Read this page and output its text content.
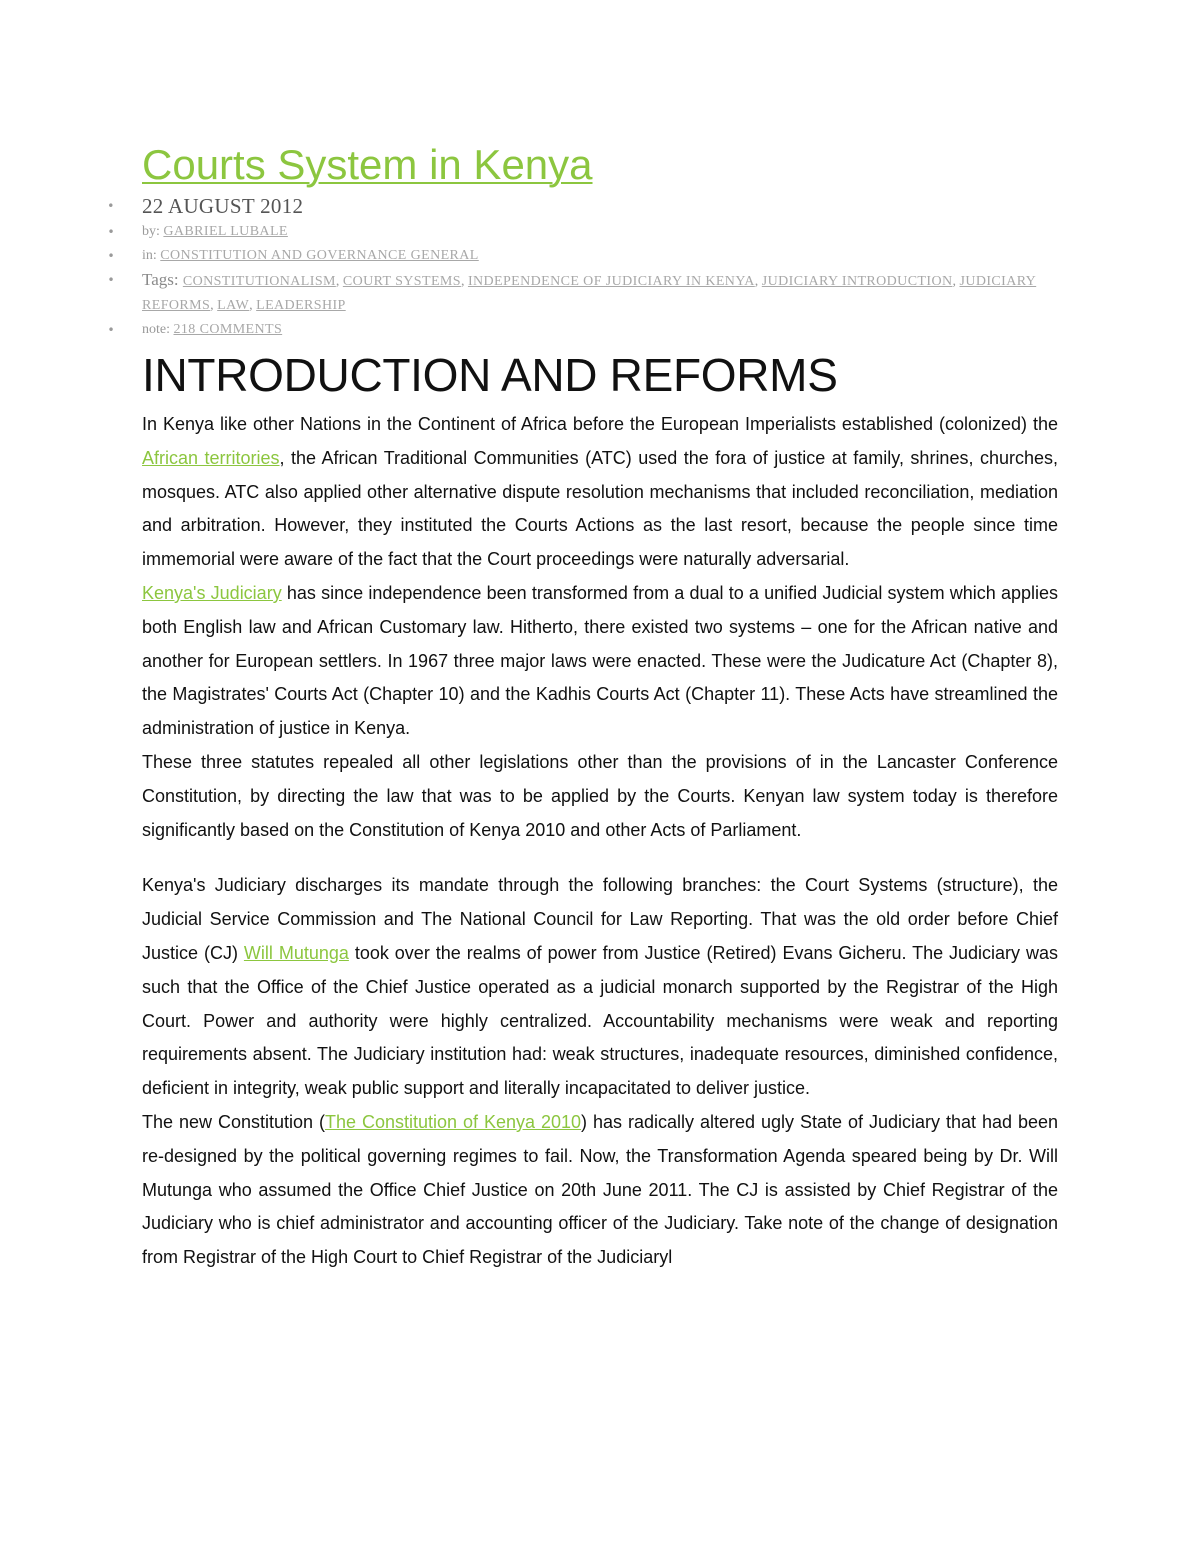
Courts System in Kenya
• 22 AUGUST 2012
• by: GABRIEL LUBALE
• in: CONSTITUTION AND GOVERNANCE GENERAL
• Tags: CONSTITUTIONALISM, COURT SYSTEMS, INDEPENDENCE OF JUDICIARY IN KENYA, JUDICIARY INTRODUCTION, JUDICIARY REFORMS, LAW, LEADERSHIP
• note: 218 COMMENTS
INTRODUCTION AND REFORMS

In Kenya like other Nations in the Continent of Africa before the European Imperialists established (colonized) the African territories, the African Traditional Communities (ATC) used the fora of justice at family, shrines, churches, mosques. ATC also applied other alternative dispute resolution mechanisms that included reconciliation, mediation and arbitration. However, they instituted the Courts Actions as the last resort, because the people since time immemorial were aware of the fact that the Court proceedings were naturally adversarial.

Kenya's Judiciary has since independence been transformed from a dual to a unified Judicial system which applies both English law and African Customary law. Hitherto, there existed two systems – one for the African native and another for European settlers. In 1967 three major laws were enacted. These were the Judicature Act (Chapter 8), the Magistrates' Courts Act (Chapter 10) and the Kadhis Courts Act (Chapter 11). These Acts have streamlined the administration of justice in Kenya.

These three statutes repealed all other legislations other than the provisions of in the Lancaster Conference Constitution, by directing the law that was to be applied by the Courts. Kenyan law system today is therefore significantly based on the Constitution of Kenya 2010 and other Acts of Parliament.

Kenya's Judiciary discharges its mandate through the following branches: the Court Systems (structure), the Judicial Service Commission and The National Council for Law Reporting. That was the old order before Chief Justice (CJ) Will Mutunga took over the realms of power from Justice (Retired) Evans Gicheru. The Judiciary was such that the Office of the Chief Justice operated as a judicial monarch supported by the Registrar of the High Court. Power and authority were highly centralized. Accountability mechanisms were weak and reporting requirements absent. The Judiciary institution had: weak structures, inadequate resources, diminished confidence, deficient in integrity, weak public support and literally incapacitated to deliver justice.

The new Constitution (The Constitution of Kenya 2010) has radically altered ugly State of Judiciary that had been re-designed by the political governing regimes to fail. Now, the Transformation Agenda speared being by Dr. Will Mutunga who assumed the Office Chief Justice on 20th June 2011. The CJ is assisted by Chief Registrar of the Judiciary who is chief administrator and accounting officer of the Judiciary. Take note of the change of designation from Registrar of the High Court to Chief Registrar of the Judiciaryl
